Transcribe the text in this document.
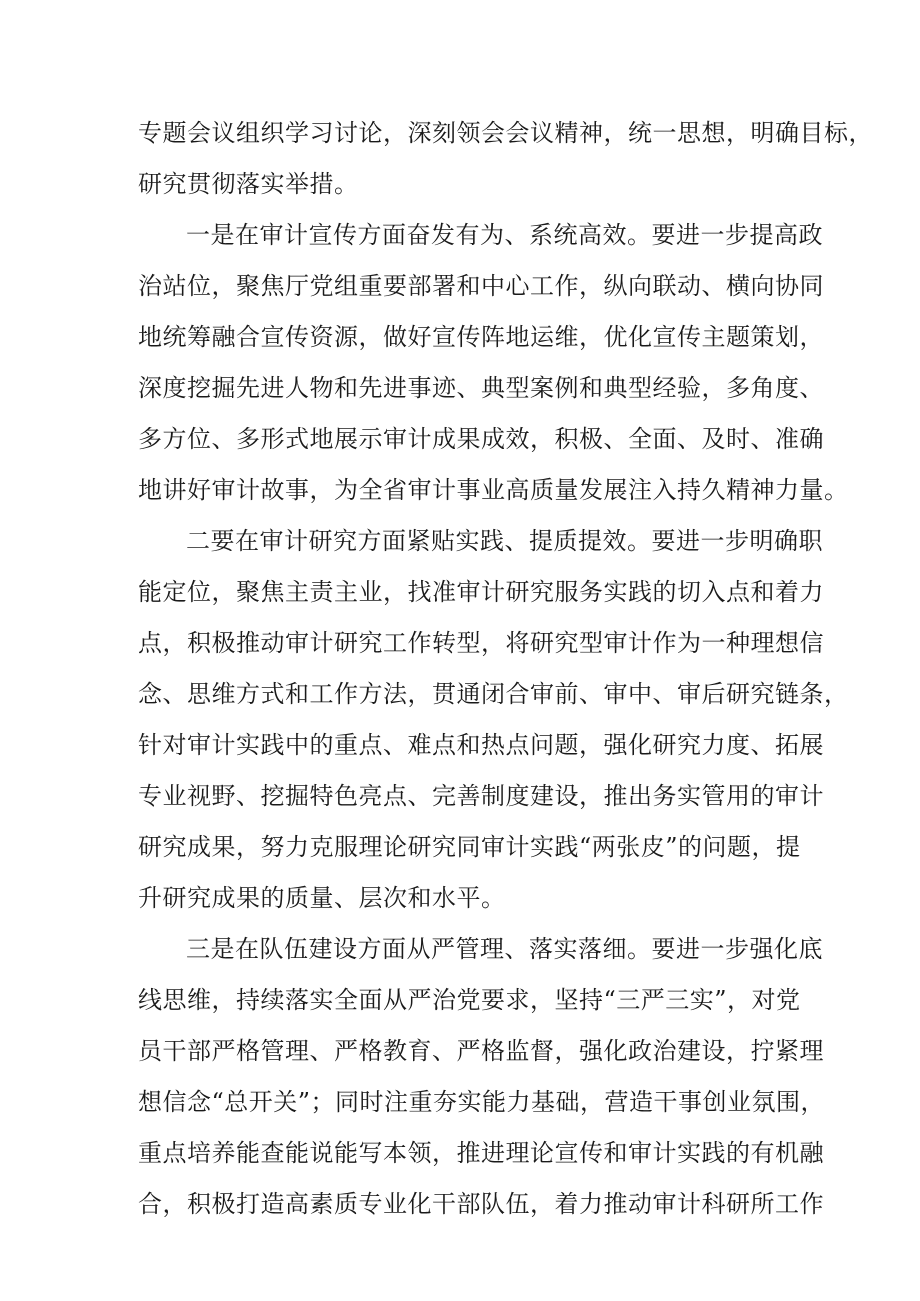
专题会议组织学习讨论，深刻领会会议精神，统一思想，明确目标，
研究贯彻落实举措。
一是在审计宣传方面奋发有为、系统高效。要进一步提高政
治站位，聚焦厅党组重要部署和中心工作，纵向联动、横向协同
地统筹融合宣传资源，做好宣传阵地运维，优化宣传主题策划，
深度挖掘先进人物和先进事迹、典型案例和典型经验，多角度、
多方位、多形式地展示审计成果成效，积极、全面、及时、准确
地讲好审计故事，为全省审计事业高质量发展注入持久精神力量。
二要在审计研究方面紧贴实践、提质提效。要进一步明确职
能定位，聚焦主责主业，找准审计研究服务实践的切入点和着力
点，积极推动审计研究工作转型，将研究型审计作为一种理想信
念、思维方式和工作方法，贯通闭合审前、审中、审后研究链条，
针对审计实践中的重点、难点和热点问题，强化研究力度、拓展
专业视野、挖掘特色亮点、完善制度建设，推出务实管用的审计
研究成果，努力克服理论研究同审计实践“两张皮”的问题，提
升研究成果的质量、层次和水平。
三是在队伍建设方面从严管理、落实落细。要进一步强化底
线思维，持续落实全面从严治党要求，坚持“三严三实”，对党
员干部严格管理、严格教育、严格监督，强化政治建设，拧紧理
想信念“总开关”；同时注重夯实能力基础，营造干事创业氛围，
重点培养能查能说能写本领，推进理论宣传和审计实践的有机融
合，积极打造高素质专业化干部队伍，着力推动审计科研所工作
